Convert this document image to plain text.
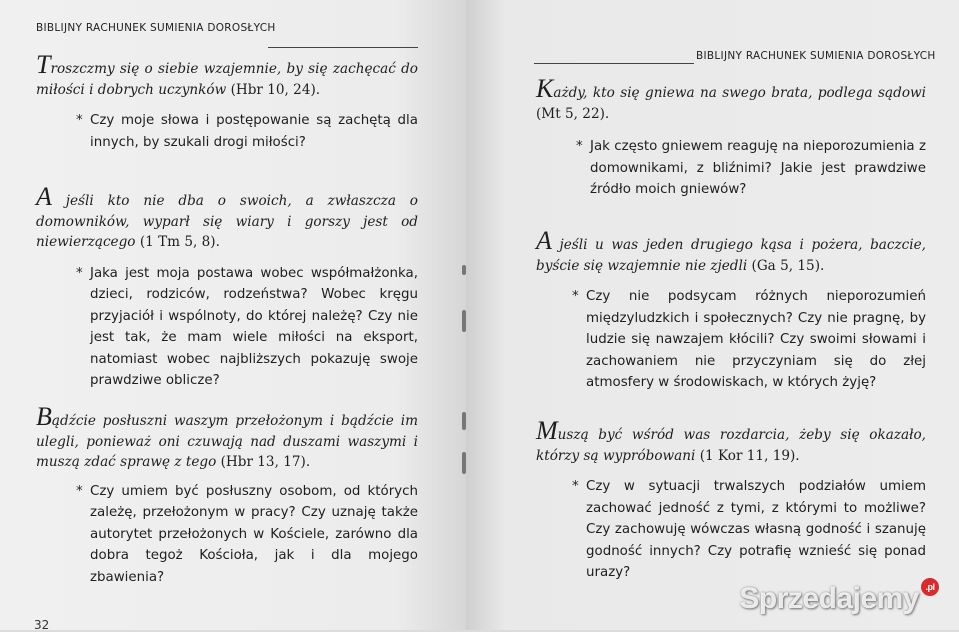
BIBLIJNY RACHUNEK SUMIENIA DOROSŁYCH

Troszczmy się o siebie wzajemnie, by się zachęcać do miłości i dobrych uczynków (Hbr 10, 24).

* Czy moje słowa i postępowanie są zachętą dla innych, by szukali drogi miłości?

A jeśli kto nie dba o swoich, a zwłaszcza o domowników, wyparł się wiary i gorszy jest od niewierzącego (1 Tm 5, 8).

* Jaka jest moja postawa wobec współmałżonka, dzieci, rodziców, rodzeństwa? Wobec kręgu przyjaciół i wspólnoty, do której należę? Czy nie jest tak, że mam wiele miłości na eksport, natomiast wobec najbliższych pokazuję swoje prawdziwe oblicze?

Bądźcie posłuszni waszym przełożonym i bądźcie im ulegli, ponieważ oni czuwają nad duszami waszymi i muszą zdać sprawę z tego (Hbr 13, 17).

* Czy umiem być posłuszny osobom, od których zależę, przełożonym w pracy? Czy uznaję także autorytet przełożonych w Kościele, zarówno dla dobra tegoż Kościoła, jak i dla mojego zbawienia?

32
BIBLIJNY RACHUNEK SUMIENIA DOROSŁYCH

Każdy, kto się gniewa na swego brata, podlega sądowi (Mt 5, 22).

* Jak często gniewem reaguję na nieporozumienia z domownikami, z bliźnimi? Jakie jest prawdziwe źródło moich gniewów?

A jeśli u was jeden drugiego kąsa i pożera, baczcie, byście się wzajemnie nie zjedli (Ga 5, 15).

* Czy nie podsycam różnych nieporozumień międzyludzkich i społecznych? Czy nie pragnę, by ludzie się nawzajem kłócili? Czy swoimi słowami i zachowaniem nie przyczyniam się do złej atmosfery w środowiskach, w których żyję?

Muszą być wśród was rozdarcia, żeby się okazało, którzy są wypróbowani (1 Kor 11, 19).

* Czy w sytuacji trwalszych podziałów umiem zachować jedność z tymi, z którymi to możliwe? Czy zachowuję wówczas własną godność i szanuję godność innych? Czy potrafię wznieść się ponad urazy?

Sprzedajemy .pl
